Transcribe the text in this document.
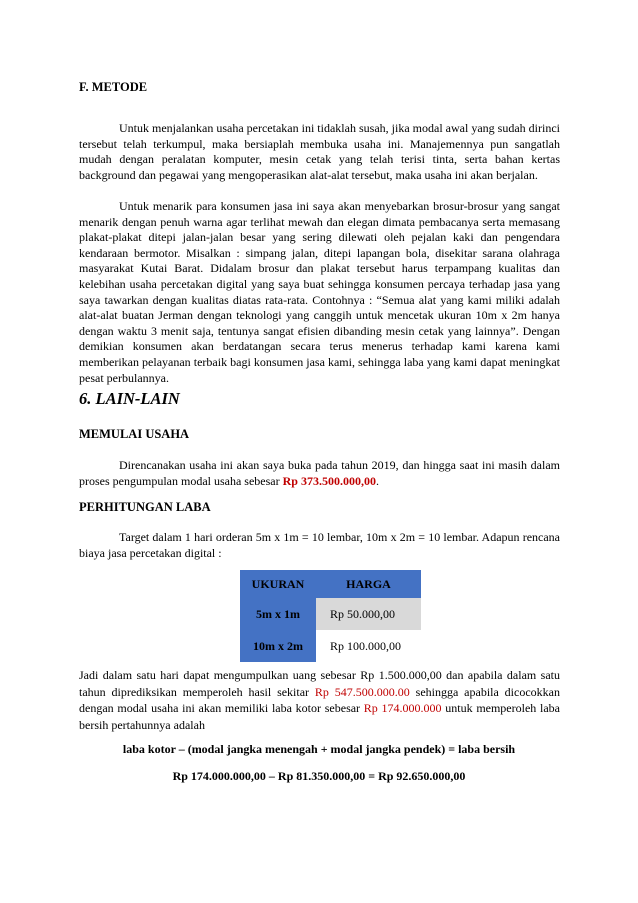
F. METODE

Untuk menjalankan usaha percetakan ini tidaklah susah, jika modal awal yang sudah dirinci tersebut telah terkumpul, maka bersiaplah membuka usaha ini. Manajemennya pun sangatlah mudah dengan peralatan komputer, mesin cetak yang telah terisi tinta, serta bahan kertas background dan pegawai yang mengoperasikan alat-alat tersebut, maka usaha ini akan berjalan.

Untuk menarik para konsumen jasa ini saya akan menyebarkan brosur-brosur yang sangat menarik dengan penuh warna agar terlihat mewah dan elegan dimata pembacanya serta memasang plakat-plakat ditepi jalan-jalan besar yang sering dilewati oleh pejalan kaki dan pengendara kendaraan bermotor. Misalkan : simpang jalan, ditepi lapangan bola, disekitar sarana olahraga masyarakat Kutai Barat. Didalam brosur dan plakat tersebut harus terpampang kualitas dan kelebihan usaha percetakan digital yang saya buat sehingga konsumen percaya terhadap jasa yang saya tawarkan dengan kualitas diatas rata-rata. Contohnya : “Semua alat yang kami miliki adalah alat-alat buatan Jerman dengan teknologi yang canggih untuk mencetak ukuran 10m x 2m hanya dengan waktu 3 menit saja, tentunya sangat efisien dibanding mesin cetak yang lainnya”. Dengan demikian konsumen akan berdatangan secara terus menerus terhadap kami karena kami memberikan pelayanan terbaik bagi konsumen jasa kami, sehingga laba yang kami dapat meningkat pesat perbulannya.

6. LAIN-LAIN
MEMULAI USAHA

Direncanakan usaha ini akan saya buka pada tahun 2019, dan hingga saat ini masih dalam proses pengumpulan modal usaha sebesar Rp 373.500.000,00.

PERHITUNGAN LABA

Target dalam 1 hari orderan 5m x 1m = 10 lembar, 10m x 2m = 10 lembar. Adapun rencana biaya jasa percetakan digital :

UKURAN	HARGA
5m x 1m	Rp 50.000,00
10m x 2m	Rp 100.000,00

Jadi dalam satu hari dapat mengumpulkan uang sebesar Rp 1.500.000,00 dan apabila dalam satu tahun diprediksikan memperoleh hasil sekitar Rp 547.500.000.00 sehingga apabila dicocokkan dengan modal usaha ini akan memiliki laba kotor sebesar Rp 174.000.000 untuk memperoleh laba bersih pertahunnya adalah

laba kotor – (modal jangka menengah + modal jangka pendek) = laba bersih
Rp 174.000.000,00 – Rp 81.350.000,00 = Rp 92.650.000,00
